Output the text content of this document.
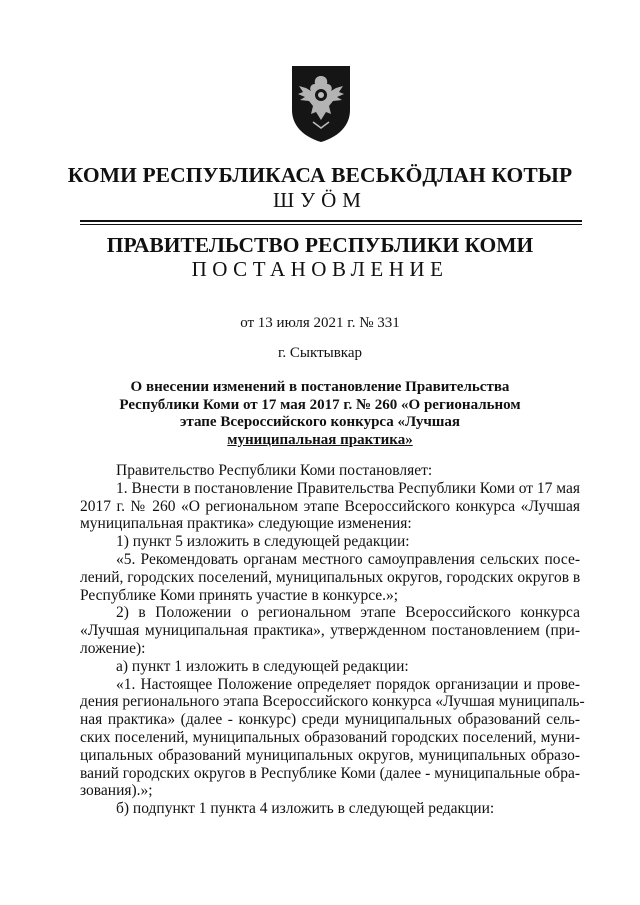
КОМИ РЕСПУБЛИКАСА ВЕСЬКӦДЛАН КОТЫР
ШУӦМ
ПРАВИТЕЛЬСТВО РЕСПУБЛИКИ КОМИ
ПОСТАНОВЛЕНИЕ
от 13 июля 2021 г. № 331
г. Сыктывкар
О внесении изменений в постановление Правительства
Республики Коми от 17 мая 2017 г. № 260 «О региональном
этапе Всероссийского конкурса «Лучшая
муниципальная практика»
Правительство Республики Коми постановляет:
1. Внести в постановление Правительства Республики Коми от 17 мая
2017 г. № 260 «О региональном этапе Всероссийского конкурса «Лучшая
муниципальная практика» следующие изменения:
1) пункт 5 изложить в следующей редакции:
«5. Рекомендовать органам местного самоуправления сельских посе-
лений, городских поселений, муниципальных округов, городских округов в
Республике Коми принять участие в конкурсе.»;
2) в Положении о региональном этапе Всероссийского конкурса
«Лучшая муниципальная практика», утвержденном постановлением (при-
ложение):
а) пункт 1 изложить в следующей редакции:
«1. Настоящее Положение определяет порядок организации и прове-
дения регионального этапа Всероссийского конкурса «Лучшая муниципаль-
ная практика» (далее - конкурс) среди муниципальных образований сель-
ских поселений, муниципальных образований городских поселений, муни-
ципальных образований муниципальных округов, муниципальных образо-
ваний городских округов в Республике Коми (далее - муниципальные обра-
зования).»;
б) подпункт 1 пункта 4 изложить в следующей редакции:
